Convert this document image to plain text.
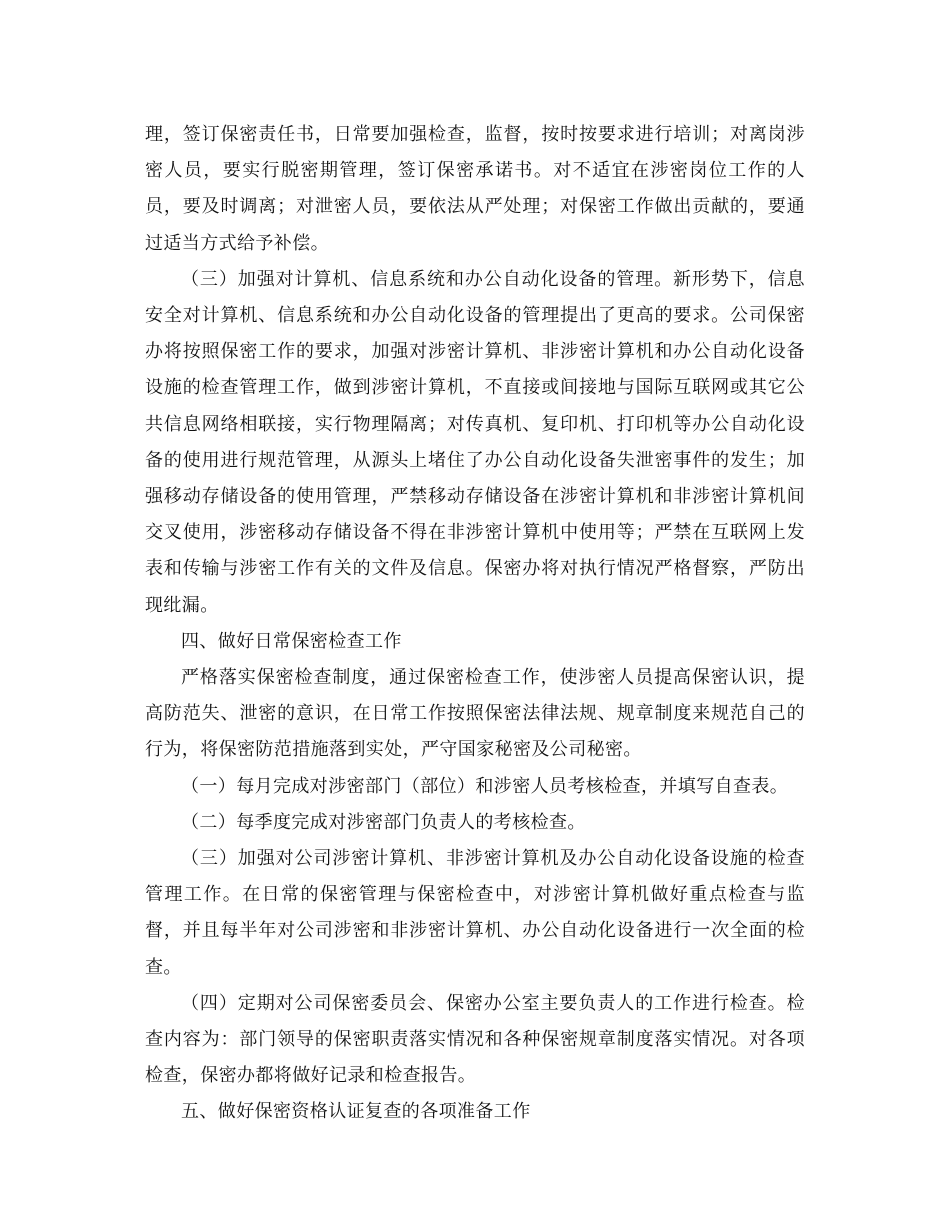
理，签订保密责任书，日常要加强检查，监督，按时按要求进行培训；对离岗涉密人员，要实行脱密期管理，签订保密承诺书。对不适宜在涉密岗位工作的人员，要及时调离；对泄密人员，要依法从严处理；对保密工作做出贡献的，要通过适当方式给予补偿。

（三）加强对计算机、信息系统和办公自动化设备的管理。新形势下，信息安全对计算机、信息系统和办公自动化设备的管理提出了更高的要求。公司保密办将按照保密工作的要求，加强对涉密计算机、非涉密计算机和办公自动化设备设施的检查管理工作，做到涉密计算机，不直接或间接地与国际互联网或其它公共信息网络相联接，实行物理隔离；对传真机、复印机、打印机等办公自动化设备的使用进行规范管理，从源头上堵住了办公自动化设备失泄密事件的发生；加强移动存储设备的使用管理，严禁移动存储设备在涉密计算机和非涉密计算机间交叉使用，涉密移动存储设备不得在非涉密计算机中使用等；严禁在互联网上发表和传输与涉密工作有关的文件及信息。保密办将对执行情况严格督察，严防出现纰漏。

四、做好日常保密检查工作

严格落实保密检查制度，通过保密检查工作，使涉密人员提高保密认识，提高防范失、泄密的意识，在日常工作按照保密法律法规、规章制度来规范自己的行为，将保密防范措施落到实处，严守国家秘密及公司秘密。

（一）每月完成对涉密部门（部位）和涉密人员考核检查，并填写自查表。

（二）每季度完成对涉密部门负责人的考核检查。

（三）加强对公司涉密计算机、非涉密计算机及办公自动化设备设施的检查管理工作。在日常的保密管理与保密检查中，对涉密计算机做好重点检查与监督，并且每半年对公司涉密和非涉密计算机、办公自动化设备进行一次全面的检查。

（四）定期对公司保密委员会、保密办公室主要负责人的工作进行检查。检查内容为：部门领导的保密职责落实情况和各种保密规章制度落实情况。对各项检查，保密办都将做好记录和检查报告。

五、做好保密资格认证复查的各项准备工作
